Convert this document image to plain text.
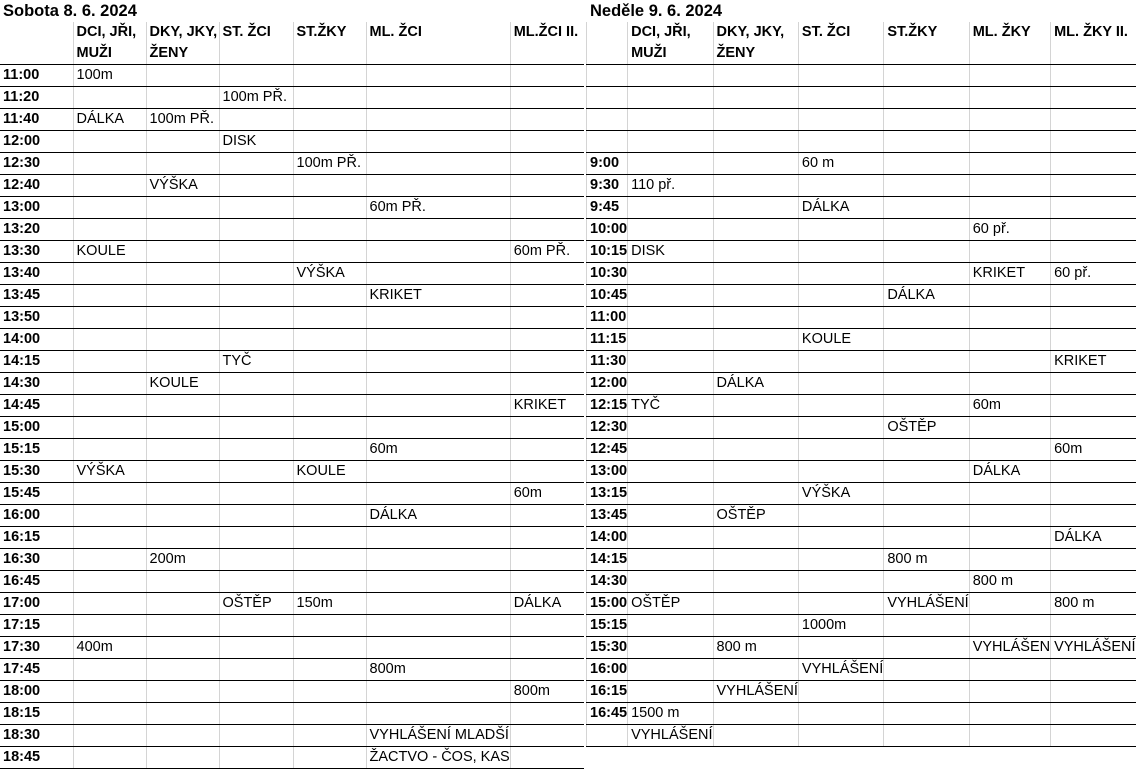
Sobota 8. 6. 2024						
	DCI, JŘI, MUŽI	DKY, JKY, ŽENY	ST. ŽCI	ST.ŽKY	ML. ŽCI	ML.ŽCI II.
11:00	100m					
11:20			100m PŘ.			
11:40	DÁLKA	100m PŘ.				
12:00			DISK			
12:30				100m PŘ.		
12:40		VÝŠKA				
13:00					60m PŘ.	
13:20						
13:30	KOULE					60m PŘ.
13:40				VÝŠKA		
13:45					KRIKET	
13:50						
14:00						
14:15			TYČ			
14:30		KOULE				
14:45						KRIKET
15:00						
15:15					60m	
15:30	VÝŠKA			KOULE		
15:45						60m
16:00					DÁLKA	
16:15						
16:30		200m				
16:45						
17:00			OŠTĚP	150m		DÁLKA
17:15						
17:30	400m					
17:45					800m	
18:00						800m
18:15						
18:30					VYHLÁŠENÍ MLADŠÍ	
18:45					ŽACTVO - ČOS, KAS	
Neděle 9. 6. 2024						
	DCI, JŘI, MUŽI	DKY, JKY, ŽENY	ST. ŽCI	ST.ŽKY	ML. ŽKY	ML. ŽKY II.

9:00			60 m			
9:30	110 př.					
9:45			DÁLKA			
10:00					60 př.	
10:15	DISK					
10:30					KRIKET	60 př.
10:45				DÁLKA		
11:00						
11:15			KOULE			
11:30						KRIKET
12:00		DÁLKA				
12:15	TYČ				60m	
12:30				OŠTĚP		
12:45						60m
13:00					DÁLKA	
13:15			VÝŠKA			
13:45		OŠTĚP				
14:00						DÁLKA
14:15				800 m		
14:30					800 m	
15:00	OŠTĚP			VYHLÁŠENÍ		800 m
15:15			1000m			
15:30		800 m			VYHLÁŠEN	VYHLÁŠENÍ
16:00			VYHLÁŠENÍ			
16:15		VYHLÁŠENÍ				
16:45	1500 m					
	VYHLÁŠENÍ					
